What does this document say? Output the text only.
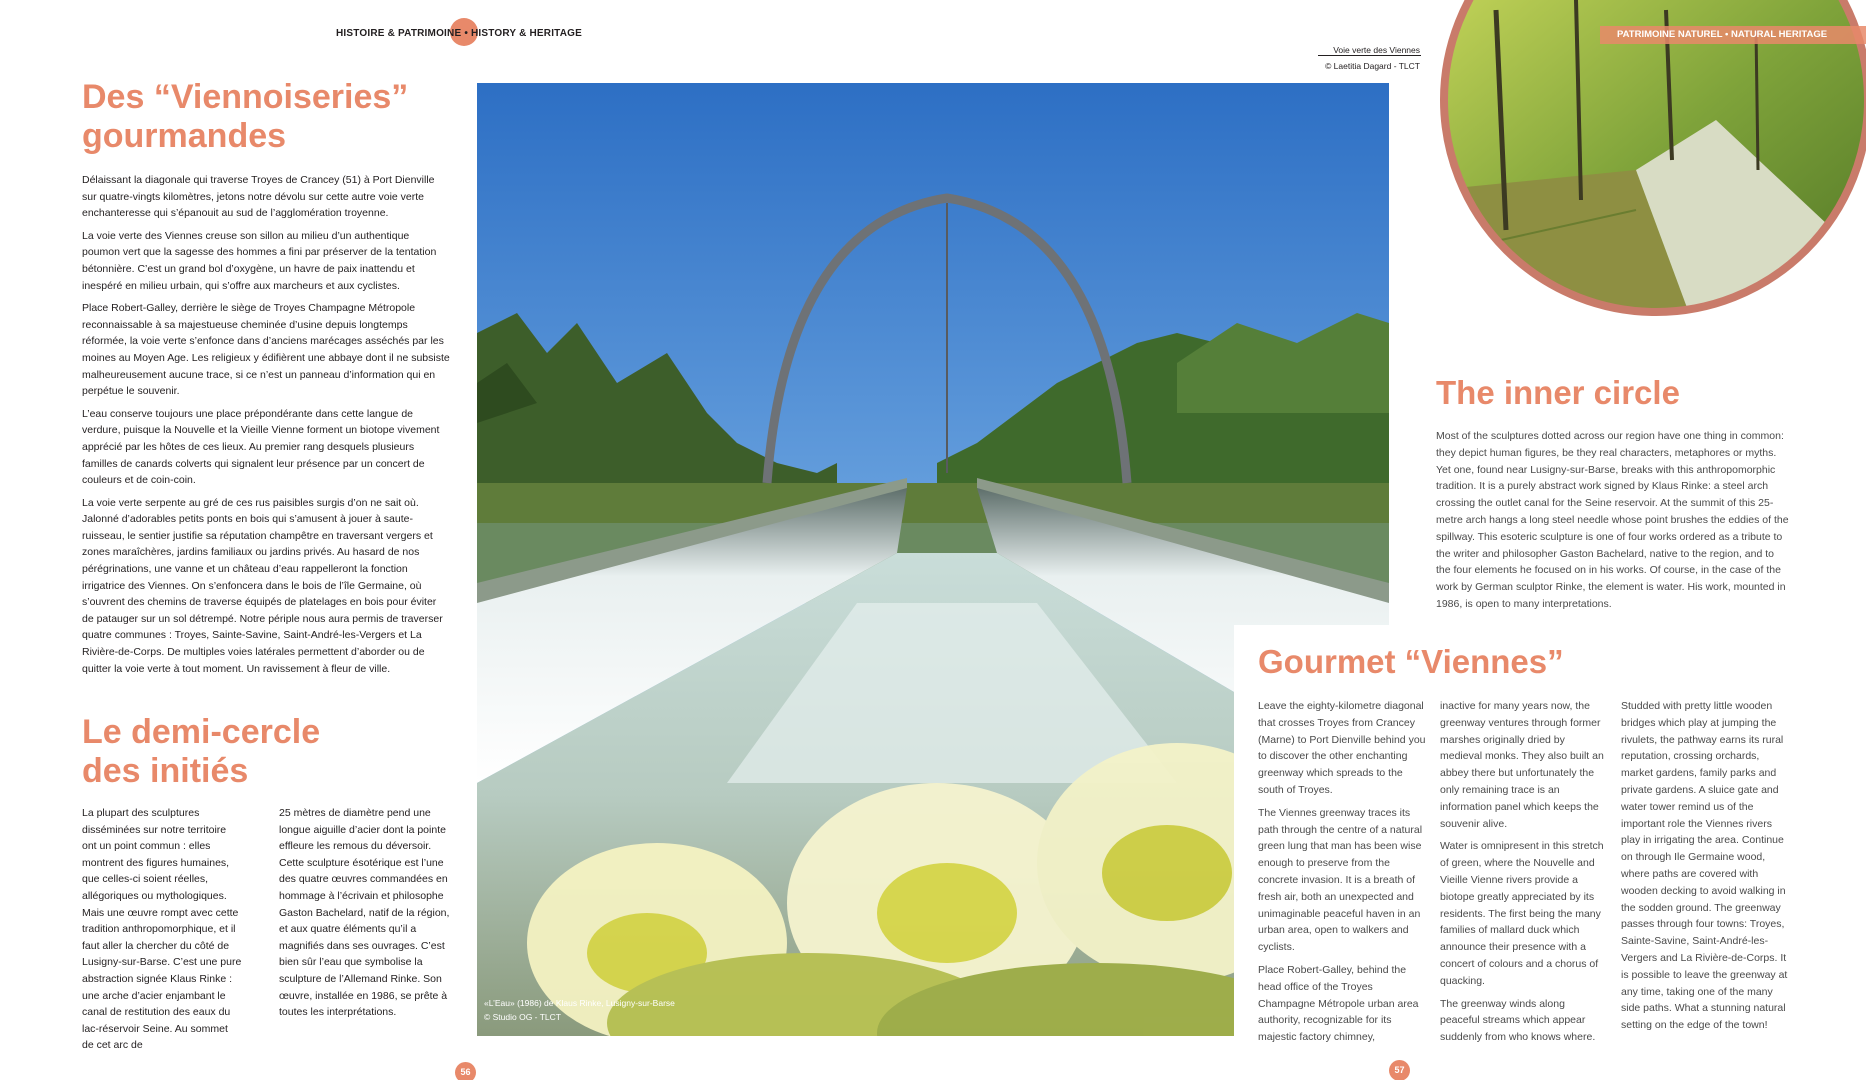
HISTOIRE & PATRIMOINE • HISTORY & HERITAGE
Des “Viennoiseries”
gourmandes

Délaissant la diagonale qui traverse Troyes de Crancey (51) à Port Dienville sur quatre-vingts kilomètres, jetons notre dévolu sur cette autre voie verte enchanteresse qui s’épanouit au sud de l’agglomération troyenne.

La voie verte des Viennes creuse son sillon au milieu d’un authentique poumon vert que la sagesse des hommes a fini par préserver de la tentation bétonnière. C’est un grand bol d’oxygène, un havre de paix inattendu et inespéré en milieu urbain, qui s’offre aux marcheurs et aux cyclistes.

Place Robert-Galley, derrière le siège de Troyes Champagne Métropole reconnaissable à sa majestueuse cheminée d’usine depuis longtemps réformée, la voie verte s’enfonce dans d’anciens marécages asséchés par les moines au Moyen Age. Les religieux y édifièrent une abbaye dont il ne subsiste malheureusement aucune trace, si ce n’est un panneau d’information qui en perpétue le souvenir.

L’eau conserve toujours une place prépondérante dans cette langue de verdure, puisque la Nouvelle et la Vieille Vienne forment un biotope vivement apprécié par les hôtes de ces lieux. Au premier rang desquels plusieurs familles de canards colverts qui signalent leur présence par un concert de couleurs et de coin-coin.

La voie verte serpente au gré de ces rus paisibles surgis d’on ne sait où. Jalonné d’adorables petits ponts en bois qui s’amusent à jouer à saute-ruisseau, le sentier justifie sa réputation champêtre en traversant vergers et zones maraîchères, jardins familiaux ou jardins privés. Au hasard de nos pérégrinations, une vanne et un château d’eau rappelleront la fonction irrigatrice des Viennes. On s’enfoncera dans le bois de l’île Germaine, où s’ouvrent des chemins de traverse équipés de platelages en bois pour éviter de patauger sur un sol détrempé. Notre périple nous aura permis de traverser quatre communes : Troyes, Sainte-Savine, Saint-André-les-Vergers et La Rivière-de-Corps. De multiples voies latérales permettent d’aborder ou de quitter la voie verte à tout moment. Un ravissement à fleur de ville.

Le demi-cercle
des initiés

La plupart des sculptures disséminées sur notre territoire ont un point commun : elles montrent des figures humaines, que celles-ci soient réelles, allégoriques ou mythologiques. Mais une œuvre rompt avec cette tradition anthropomorphique, et il faut aller la chercher du côté de Lusigny-sur-Barse. C’est une pure abstraction signée Klaus Rinke : une arche d’acier enjambant le canal de restitution des eaux du lac-réservoir Seine. Au sommet de cet arc de

25 mètres de diamètre pend une longue aiguille d’acier dont la pointe effleure les remous du déversoir. Cette sculpture ésotérique est l’une des quatre œuvres commandées en hommage à l’écrivain et philosophe Gaston Bachelard, natif de la région, et aux quatre éléments qu’il a magnifiés dans ses ouvrages. C’est bien sûr l’eau que symbolise la sculpture de l’Allemand Rinke. Son œuvre, installée en 1986, se prête à toutes les interprétations.

56
«L’Eau» (1986) de Klaus Rinke, Lusigny-sur-Barse
© Studio OG - TLCT
Voie verte des Viennes
© Laetitia Dagard - TLCT
PATRIMOINE NATUREL • NATURAL HERITAGE
The inner circle

Most of the sculptures dotted across our region have one thing in common: they depict human figures, be they real characters, metaphores or myths. Yet one, found near Lusigny-sur-Barse, breaks with this anthropomorphic tradition. It is a purely abstract work signed by Klaus Rinke: a steel arch crossing the outlet canal for the Seine reservoir. At the summit of this 25-metre arch hangs a long steel needle whose point brushes the eddies of the spillway. This esoteric sculpture is one of four works ordered as a tribute to the writer and philosopher Gaston Bachelard, native to the region, and to the four elements he focused on in his works. Of course, in the case of the work by German sculptor Rinke, the element is water. His work, mounted in 1986, is open to many interpretations.

Gourmet “Viennes”

Leave the eighty-kilometre diagonal that crosses Troyes from Crancey (Marne) to Port Dienville behind you to discover the other enchanting greenway which spreads to the south of Troyes.

The Viennes greenway traces its path through the centre of a natural green lung that man has been wise enough to preserve from the concrete invasion. It is a breath of fresh air, both an unexpected and unimaginable peaceful haven in an urban area, open to walkers and cyclists.

Place Robert-Galley, behind the head office of the Troyes Champagne Métropole urban area authority, recognizable for its majestic factory chimney,

inactive for many years now, the greenway ventures through former marshes originally dried by medieval monks. They also built an abbey there but unfortunately the only remaining trace is an information panel which keeps the souvenir alive.

Water is omnipresent in this stretch of green, where the Nouvelle and Vieille Vienne rivers provide a biotope greatly appreciated by its residents. The first being the many families of mallard duck which announce their presence with a concert of colours and a chorus of quacking.

The greenway winds along peaceful streams which appear suddenly from who knows where.

Studded with pretty little wooden bridges which play at jumping the rivulets, the pathway earns its rural reputation, crossing orchards, market gardens, family parks and private gardens. A sluice gate and water tower remind us of the important role the Viennes rivers play in irrigating the area. Continue on through Ile Germaine wood, where paths are covered with wooden decking to avoid walking in the sodden ground. The greenway passes through four towns: Troyes, Sainte-Savine, Saint-André-les-Vergers and La Rivière-de-Corps. It is possible to leave the greenway at any time, taking one of the many side paths. What a stunning natural setting on the edge of the town!

57
